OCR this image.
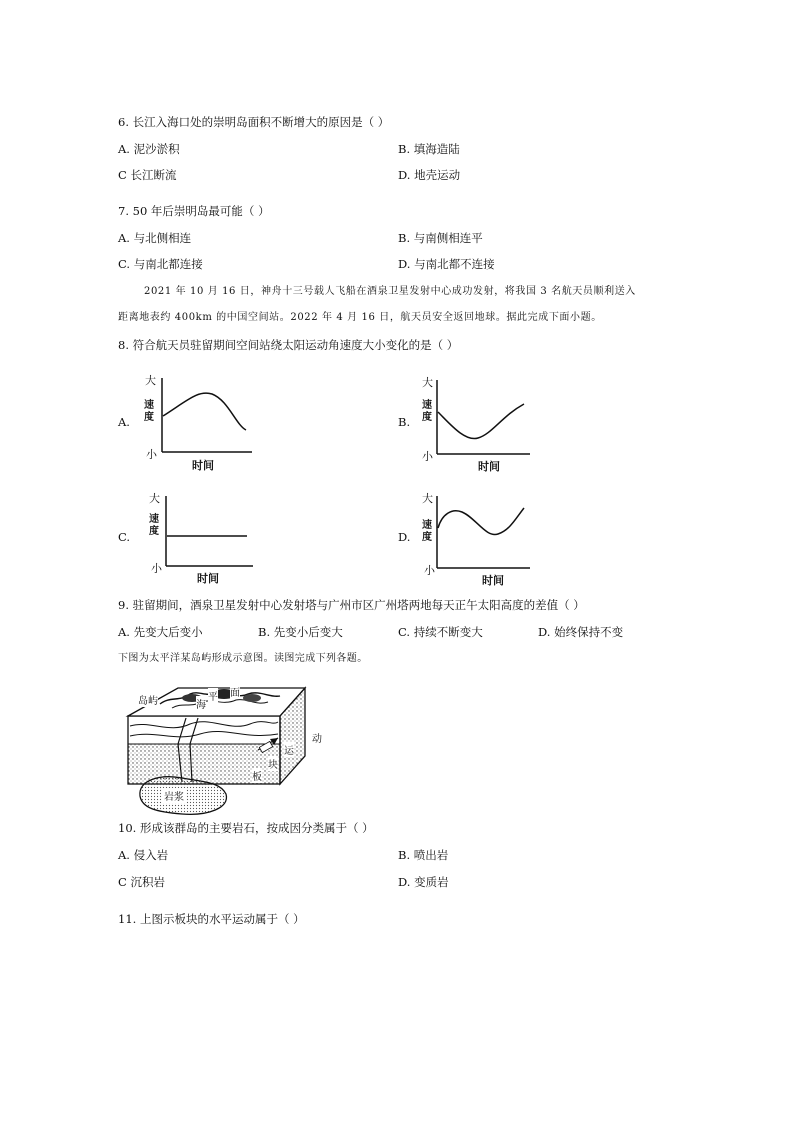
6. 长江入海口处的崇明岛面积不断增大的原因是（ ）
A. 泥沙淤积	B. 填海造陆
C 长江断流	D. 地壳运动
7. 50 年后崇明岛最可能（ ）
A. 与北侧相连	B. 与南侧相连平
C. 与南北都连接	D. 与南北都不连接
2021 年 10 月 16 日，神舟十三号载人飞船在酒泉卫星发射中心成功发射，将我国 3 名航天员顺利送入
距离地表约 400km 的中国空间站。2022 年 4 月 16 日，航天员安全返回地球。据此完成下面小题。
8. 符合航天员驻留期间空间站绕太阳运动角速度大小变化的是（ ）
A.	B.
C.	D.
大
小
速度
时间
大
小
速度
时间
大
小
速度
时间
大
小
速度
时间
9. 驻留期间，酒泉卫星发射中心发射塔与广州市区广州塔两地每天正午太阳高度的差值（ ）
A. 先变大后变小	B. 先变小后变大	C. 持续不断变大	D. 始终保持不变
下图为太平洋某岛屿形成示意图。读图完成下列各题。
岛屿	海
平 面
动
运
块
板
岩浆
10. 形成该群岛的主要岩石，按成因分类属于（ ）
A. 侵入岩	B. 喷出岩
C 沉积岩	D. 变质岩
11. 上图示板块的水平运动属于（ ）
